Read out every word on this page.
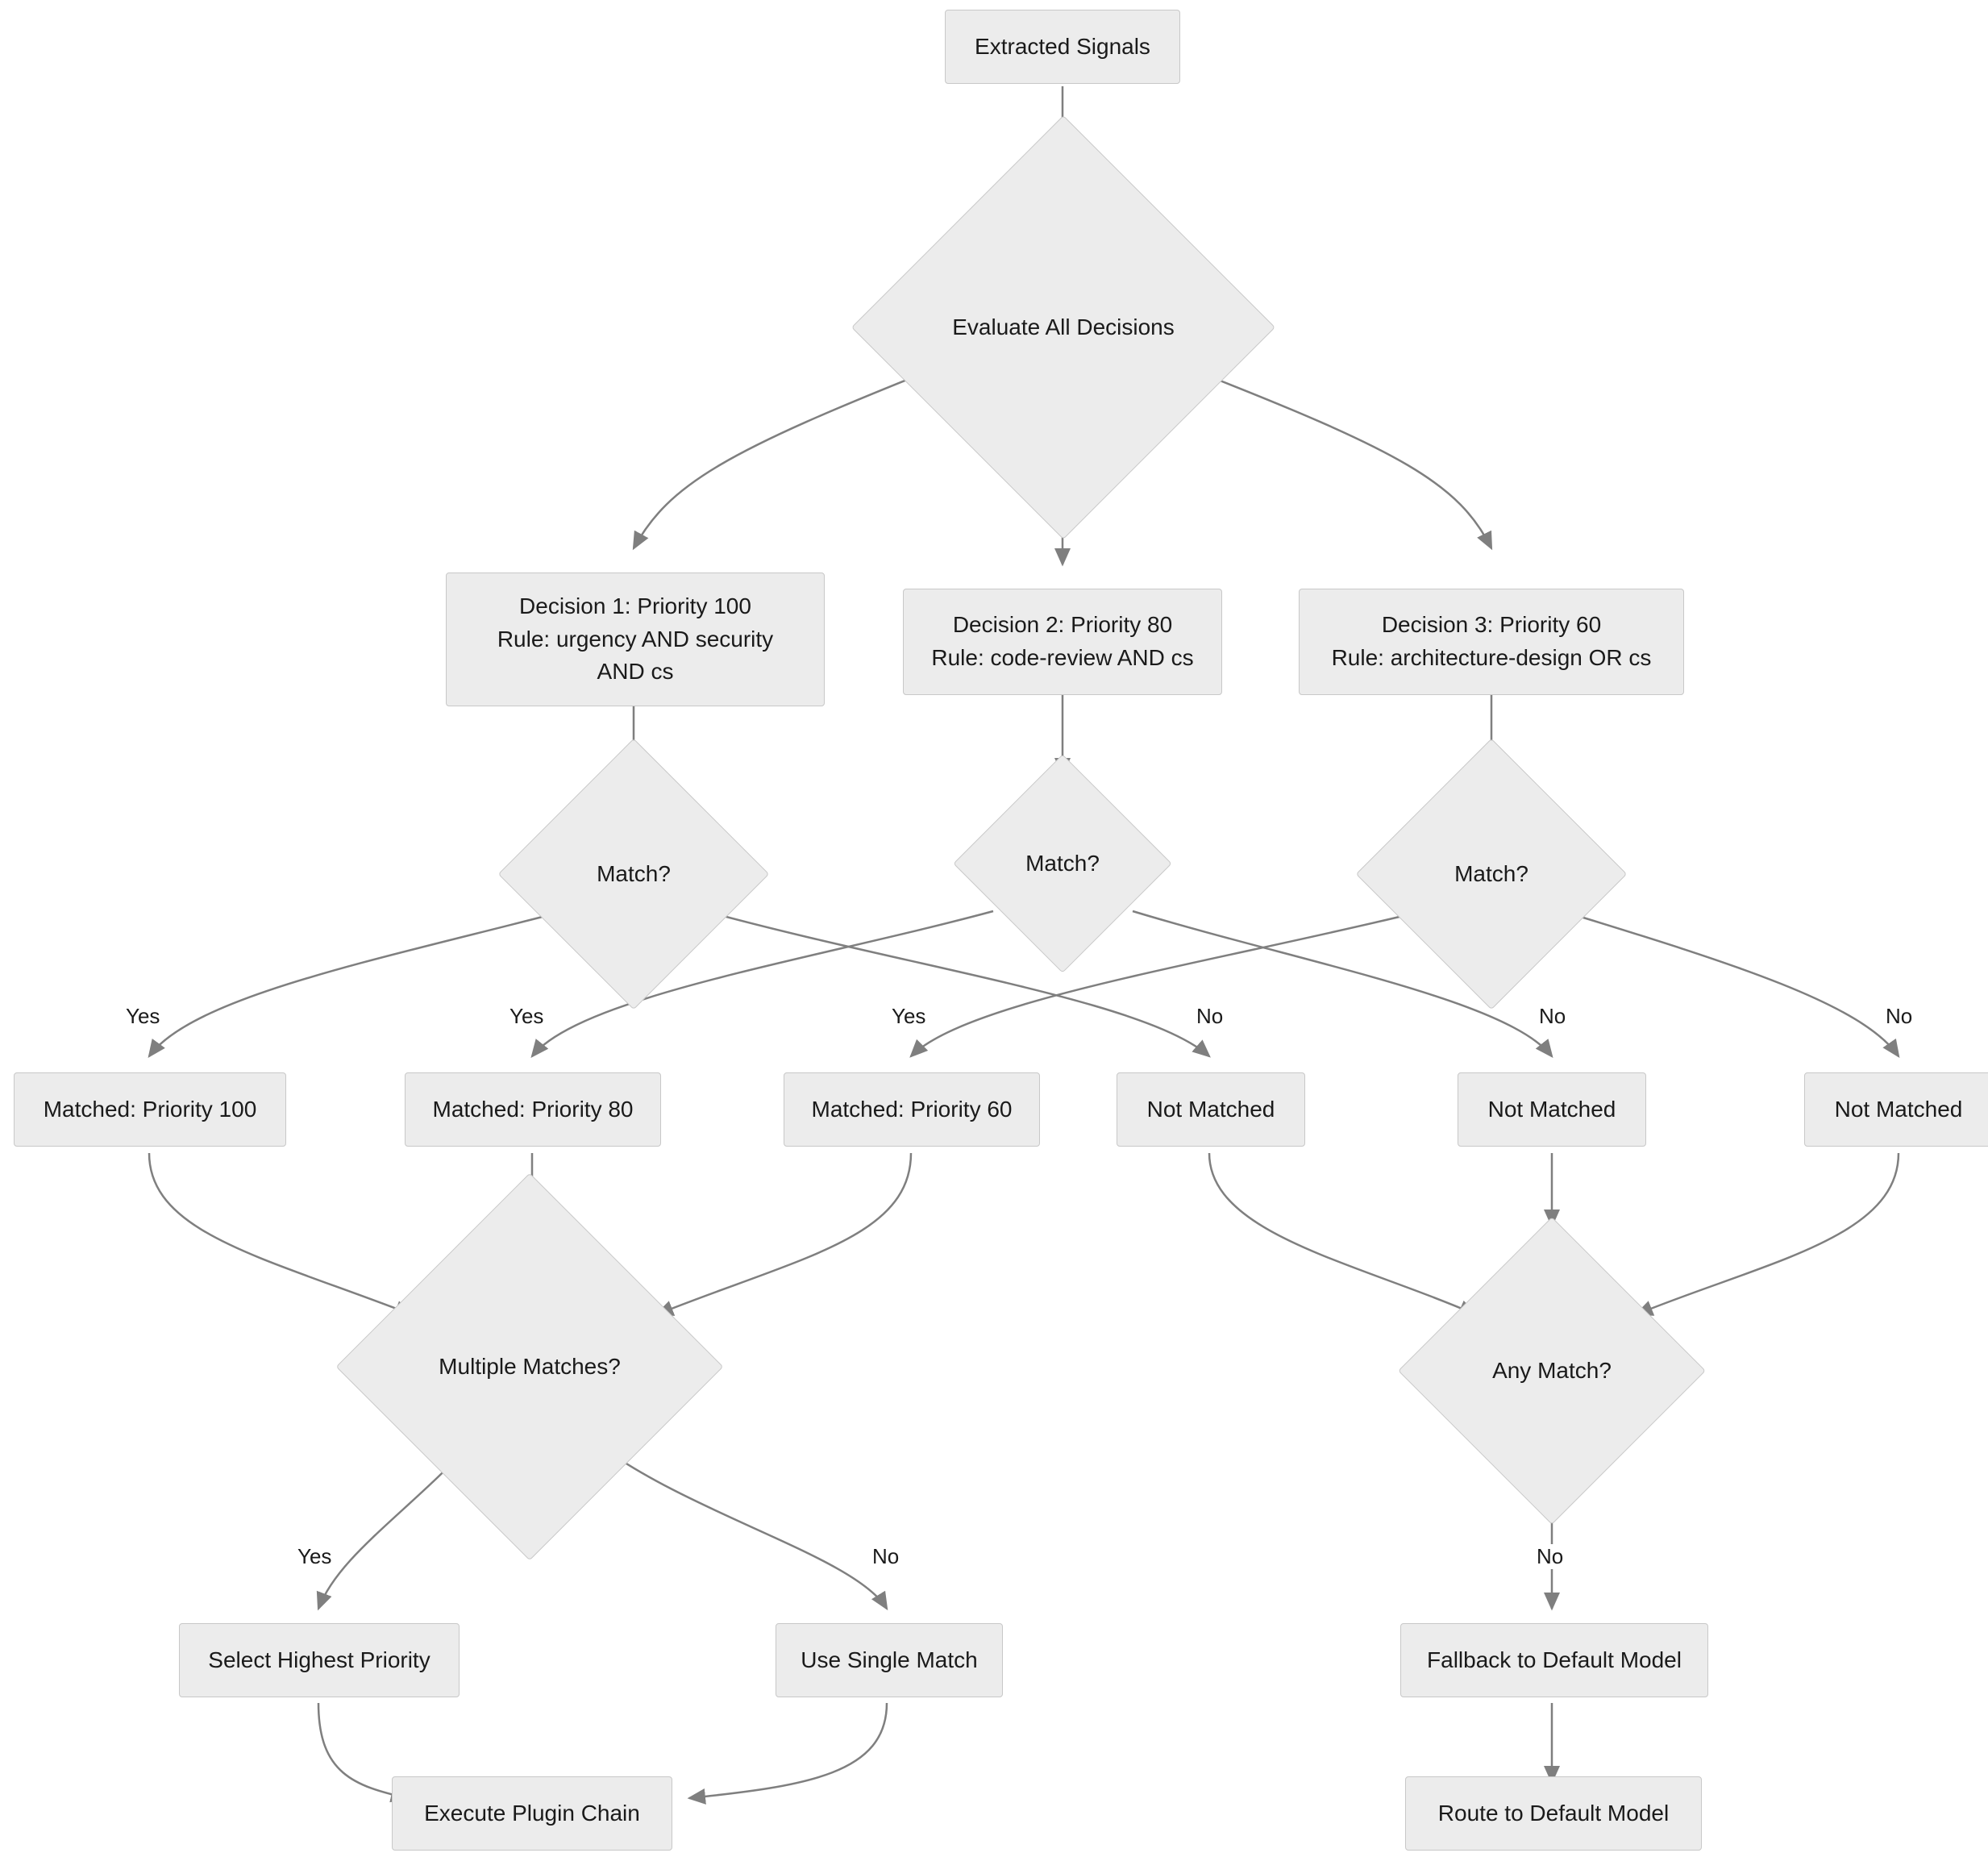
Extracted Signals
Evaluate All Decisions
Decision 1: Priority 100
Rule: urgency AND security
AND cs
Decision 2: Priority 80
Rule: code-review AND cs
Decision 3: Priority 60
Rule: architecture-design OR cs
Match?	Match?	Match?
Matched: Priority 100	Matched: Priority 80	Matched: Priority 60	Not Matched	Not Matched	Not Matched
Multiple Matches?	Any Match?
Select Highest Priority	Use Single Match
Execute Plugin Chain
Fallback to Default Model
Route to Default Model
Yes	Yes	Yes	No	No	No
Yes	No	No
